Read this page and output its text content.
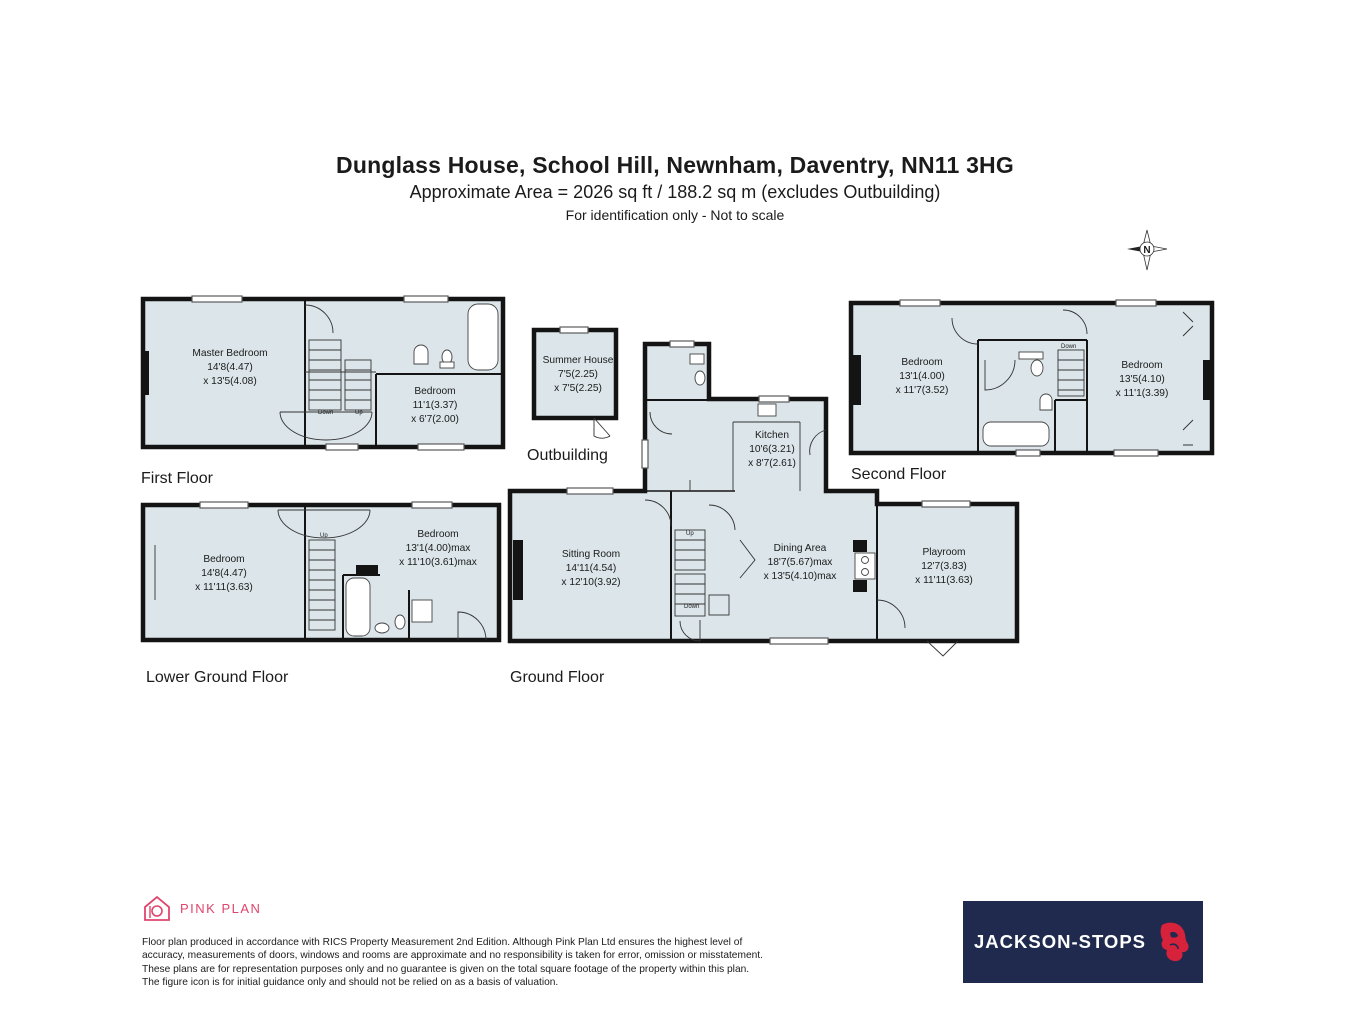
Dunglass House, School Hill, Newnham, Daventry, NN11 3HG
Approximate Area = 2026 sq ft / 188.2 sq m (excludes Outbuilding)
For identification only - Not to scale
N
Down	Up
Master Bedroom
14'8(4.47)
x 13'5(4.08)
Bedroom
11'1(3.37)
x 6'7(2.00)
First Floor
Summer House
7'5(2.25)
x 7'5(2.25)
Outbuilding
Down
Bedroom
13'1(4.00)
x 11'7(3.52)
Bedroom
13'5(4.10)
x 11'1(3.39)
Second Floor
Up
Bedroom
14'8(4.47)
x 11'11(3.63)
Bedroom
13'1(4.00)max
x 11'10(3.61)max
Lower Ground Floor
Up
Down
Sitting Room
14'11(4.54)
x 12'10(3.92)
Kitchen
10'6(3.21)
x 8'7(2.61)
Dining Area
18'7(5.67)max
x 13'5(4.10)max
Playroom
12'7(3.83)
x 11'11(3.63)
Ground Floor
PINK PLAN
Floor plan produced in accordance with RICS Property Measurement 2nd Edition. Although Pink Plan Ltd ensures the highest level of accuracy, measurements of doors, windows and rooms are approximate and no responsibility is taken for error, omission or misstatement. These plans are for representation purposes only and no guarantee is given on the total square footage of the property within this plan. The figure icon is for initial guidance only and should not be relied on as a basis of valuation.
JACKSON-STOPS
